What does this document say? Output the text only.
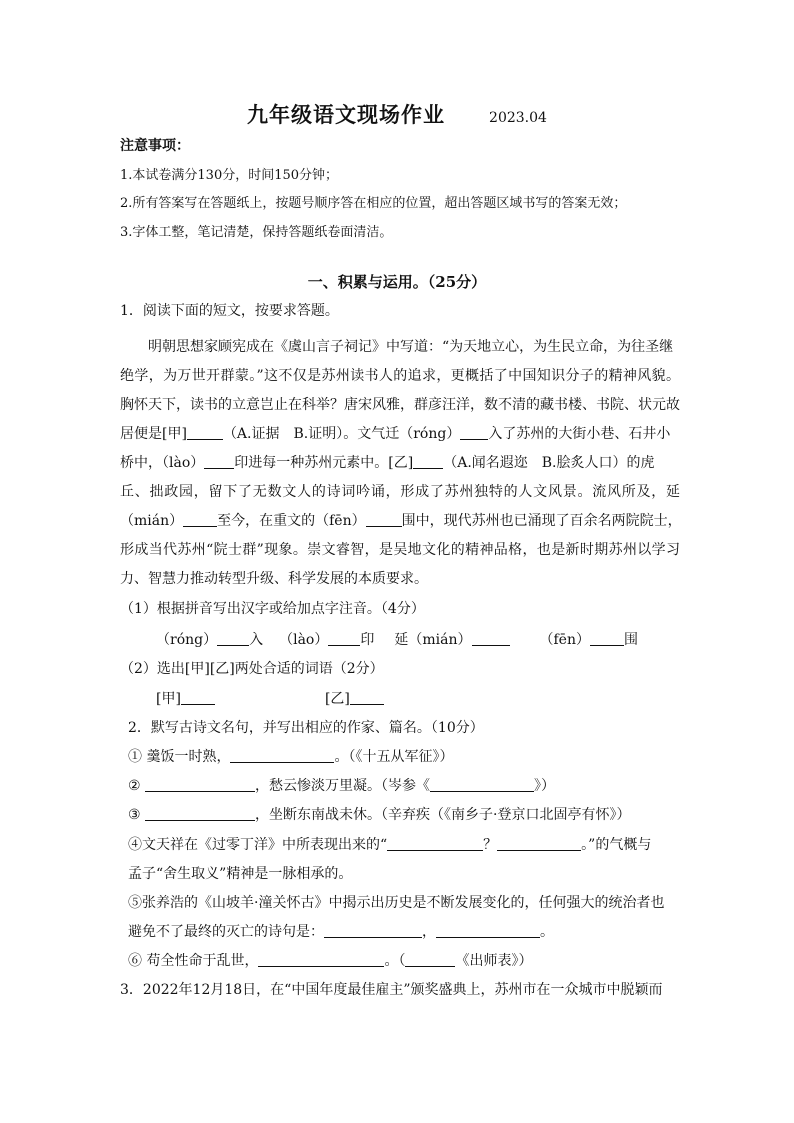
九年级语文现场作业	2023.04
注意事项：
1.本试卷满分130分，时间150分钟；
2.所有答案写在答题纸上，按题号顺序答在相应的位置，超出答题区域书写的答案无效；
3.字体工整，笔记清楚，保持答题纸卷面清洁。
一、积累与运用。（25分）
1．阅读下面的短文，按要求答题。
明朝思想家顾宪成在《虞山言子祠记》中写道：“为天地立心，为生民立命，为往圣继
绝学，为万世开群蒙。”这不仅是苏州读书人的追求，更概括了中国知识分子的精神风貌。
胸怀天下，读书的立意岂止在科举？唐宋风雅，群彦汪洋，数不清的藏书楼、书院、状元故
居便是[甲]	（A.证据　B.证明）。文气迁（róng） 入了苏州的大街小巷、石井小
桥中，（lào） 印进每一种苏州元素中。[乙] （A.闻名遐迩　B.脍炙人口）的虎
丘、拙政园，留下了无数文人的诗词吟诵，形成了苏州独特的人文风景。流风所及，延
（mián） 至今，在重文的（fēn）	围中，现代苏州也已涌现了百余名两院院士，
形成当代苏州“院士群”现象。崇文睿智，是吴地文化的精神品格，也是新时期苏州以学习
力、智慧力推动转型升级、科学发展的本质要求。
（1）根据拼音写出汉字或给加点字注音。（4分）
（róng） 入 （lào） 印 延（mián）	（fēn） 围
（2）选出[甲][乙]两处合适的词语（2分）
[甲]	[乙]
2．默写古诗文名句，并写出相应的作家、篇名。（10分）
① 羹饭一时熟，	。（《十五从军征》）
②	，愁云惨淡万里凝。（岑参《	》）
③	，坐断东南战未休。（辛弃疾（《南乡子·登京口北固亭有怀》）
④文天祥在《过零丁洋》中所表现出来的“	？	。”的气概与
孟子“舍生取义”精神是一脉相承的。
⑤张养浩的《山坡羊·潼关怀古》中揭示出历史是不断发展变化的，任何强大的统治者也
避免不了最终的灭亡的诗句是：	，	。
⑥ 苟全性命于乱世，	。（	《出师表》）
3．2022年12月18日，在“中国年度最佳雇主”颁奖盛典上，苏州市在一众城市中脱颖而
